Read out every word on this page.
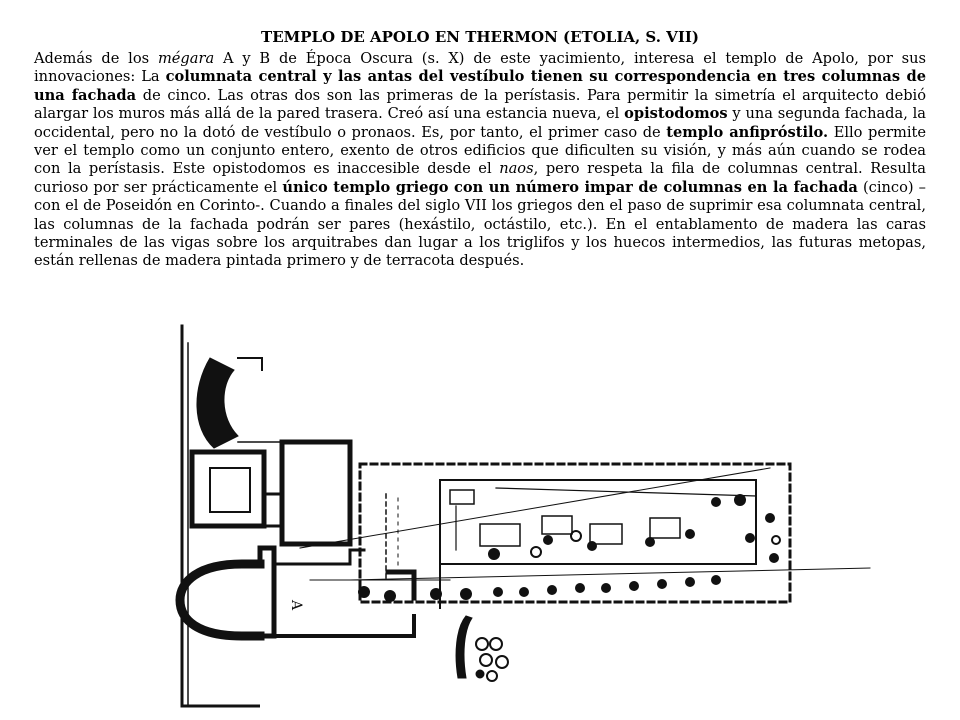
TEMPLO DE APOLO EN THERMON (ETOLIA, S. VII)

Además de los mégara A y B de Época Oscura (s. X) de este yacimiento, interesa el templo de Apolo, por sus innovaciones: La columnata central y las antas del vestíbulo tienen su correspondencia en tres columnas de una fachada de cinco. Las otras dos son las primeras de la perístasis. Para permitir la simetría el arquitecto debió alargar los muros más allá de la pared trasera. Creó así una estancia nueva, el opistodomos y una segunda fachada, la occidental, pero no la dotó de vestíbulo o pronaos. Es, por tanto, el primer caso de templo anfipróstilo. Ello permite ver el templo como un conjunto entero, exento de otros edificios que dificulten su visión, y más aún cuando se rodea con la perístasis. Este opistodomos es inaccesible desde el naos, pero respeta la fila de columnas central. Resulta curioso por ser prácticamente el único templo griego con un número impar de columnas en la fachada (cinco) –con el de Poseidón en Corinto-. Cuando a finales del siglo VII los griegos den el paso de suprimir esa columnata central, las columnas de la fachada podrán ser pares (hexástilo, octástilo, etc.). En el entablamento de madera las caras terminales de las vigas sobre los arquitrabes dan lugar a los triglifos y los huecos intermedios, las futuras metopas, están rellenas de madera pintada primero y de terracota después.

A
